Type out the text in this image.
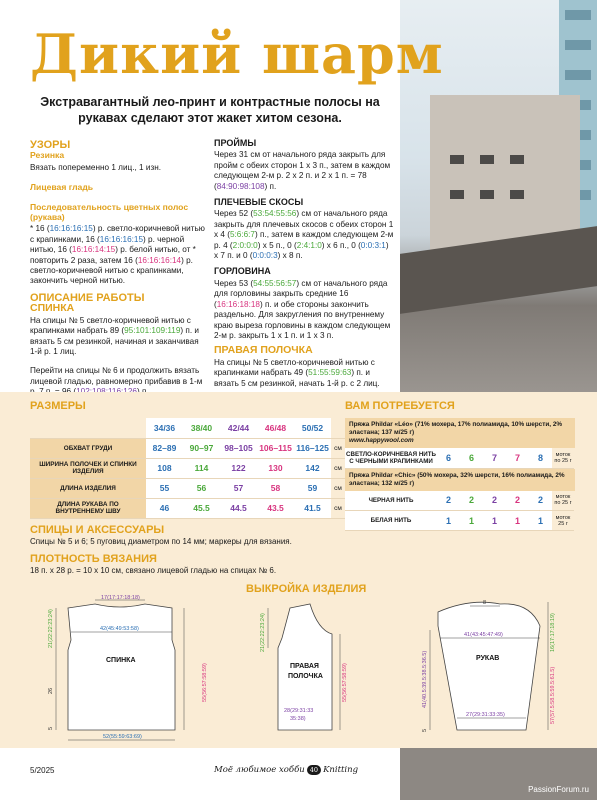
Дикий шарм
Экстравагантный лео-принт и контрастные полосы на рукавах сделают этот жакет хитом сезона.
УЗОРЫ
Резинка

Вязать попеременно 1 лиц., 1 изн.

Лицевая гладь
Последовательность цветных полос (рукава)

* 16 (16:16:16:15) р. светло-коричневой нитью с крапинками, 16 (16:16:16:15) р. черной нитью, 16 (16:16:14:15) р. белой нитью, от * повторить 2 раза, затем 16 (16:16:16:14) р. светло-коричневой нитью с крапинками, закончить черной нитью.

ОПИСАНИЕ РАБОТЫ
СПИНКА

На спицы № 5 светло-коричневой нитью с крапинками набрать 89 (95:101:109:119) п. и вязать 5 см резинкой, начиная и заканчивая 1-й р. 1 лиц.

Перейти на спицы № 6 и продолжить вязать лицевой гладью, равномерно прибавив в 1-м

ПРОЙМЫ

Через 31 см от начального ряда закрыть для пройм с обеих сторон 1 х 3 п., затем в каждом следующем 2-м р. 2 х 2 п. и 2 х 1 п. = 78 (84:90:98:108) п.

ПЛЕЧЕВЫЕ СКОСЫ

Через 52 (53:54:55:56) см от начального ряда закрыть для плечевых скосов с обеих сторон 1 х 4 (5:6:6:7) п., затем в каждом следующем 2-м р. 4 (2:0:0:0) х 5 п., 0 (2:4:1:0) х 6 п., 0 (0:0:3:1) х 7 п. и 0 (0:0:0:3) х 8 п.

ГОРЛОВИНА

Через 53 (54:55:56:57) см от начального ряда для горловины закрыть средние 16 (16:16:18:18) п. и обе стороны закончить раздельно. Для закругления по внутреннему краю выреза горловины в каждом следующем 2-м р. закрыть 1 х 1 п. и 1 х 3 п.

ПРАВАЯ ПОЛОЧКА

На спицы № 5 светло-коричневой нитью с крапинками набрать 49 (51:55:59:63) п. и вязать 5 см резинкой, начать 1-й р. с 2 лиц.

РАЗМЕРЫ
	34/36	38/40	42/44	46/48	50/52	
ОБХВАТ ГРУДИ	82–89	90–97	98–105	106–115	116–125	см
ШИРИНА ПОЛОЧЕК И СПИНКИ ИЗДЕЛИЯ	108	114	122	130	142	см
ДЛИНА ИЗДЕЛИЯ	55	56	57	58	59	см
ДЛИНА РУКАВА ПО ВНУТРЕННЕМУ ШВУ	46	45.5	44.5	43.5	41.5	см
ВАМ ПОТРЕБУЕТСЯ
Пряжа Phildar «Léo» (71% мохера, 17% полиамида, 10% шерсти, 2% эластана; 137 м/25 г)
www.happywool.com
СВЕТЛО-КОРИЧНЕВАЯ НИТЬ С ЧЕРНЫМИ КРАПИНКАМИ	6	6	7	7	8	моток по 25 г
Пряжа Phildar «Chic» (50% мохера, 32% шерсти, 16% полиамида, 2% эластана; 132 м/25 г)
ЧЕРНАЯ НИТЬ	2	2	2	2	2	моток по 25 г
БЕЛАЯ НИТЬ	1	1	1	1	1	моток 25 г
СПИЦЫ И АКСЕССУАРЫ
Спицы № 5 и 6; 5 пуговиц диаметром по 14 мм; маркеры для вязания.
ПЛОТНОСТЬ ВЯЗАНИЯ
18 п. х 28 р. = 10 х 10 см, связано лицевой гладью на спицах № 6.
ВЫКРОЙКА ИЗДЕЛИЯ
СПИНКА
17(17:17:18:18)
42(45:49:53:58)
52(55:59:63:69)
21(22:22:23:24)
26
5
55(56:57:58:59)	ПРАВАЯ
ПОЛОЧКА
21(22:22:23:24)
28(29:31:33
35:38)
55(56:57:58:59)
РУКАВ
8
41(43:45:47:49)
27(29:31:33:35)
41(40.5:39.5:38.5:36.5)
5
16(17:17:18:19)
57(57.5:58.5:59.5:61.5)
5/2025	Моё любимое хобби 40 Knitting
PassionForum.ru
